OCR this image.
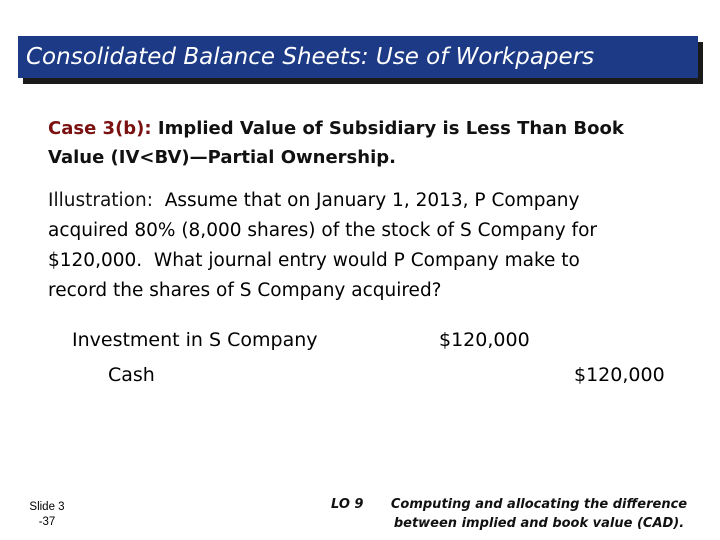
Consolidated Balance Sheets: Use of Workpapers
Case 3(b): Implied Value of Subsidiary is Less Than Book
Value (IV<BV)—Partial Ownership.
Illustration:  Assume that on January 1, 2013, P Company
acquired 80% (8,000 shares) of the stock of S Company for
$120,000.  What journal entry would P Company make to
record the shares of S Company acquired?
Investment in S Company	$120,000
Cash	$120,000
Slide 3
-37
LO 9	Computing and allocating the difference
between implied and book value (CAD).
